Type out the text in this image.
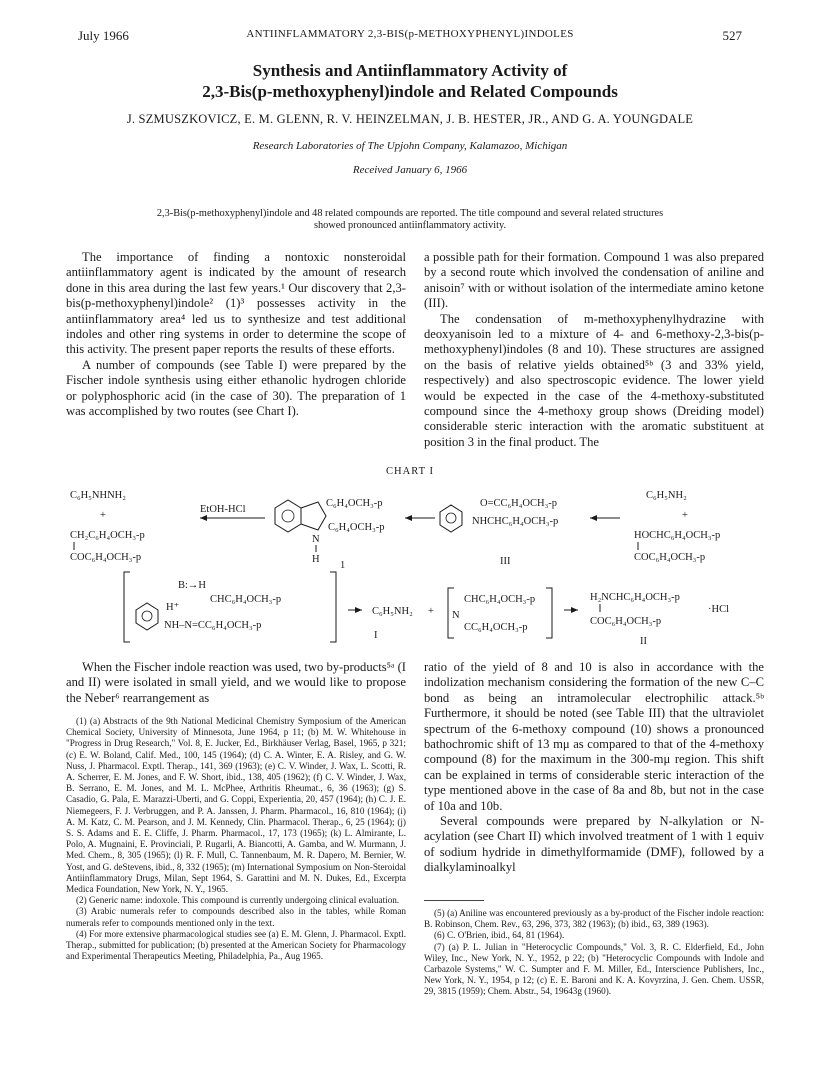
July 1966	ANTIINFLAMMATORY 2,3-BIS(p-METHOXYPHENYL)INDOLES	527
Synthesis and Antiinflammatory Activity of
2,3-Bis(p-methoxyphenyl)indole and Related Compounds
J. SZMUSZKOVICZ, E. M. GLENN, R. V. HEINZELMAN, J. B. HESTER, JR., AND G. A. YOUNGDALE
Research Laboratories of The Upjohn Company, Kalamazoo, Michigan
Received January 6, 1966
2,3-Bis(p-methoxyphenyl)indole and 48 related compounds are reported. The title compound and several related structures showed pronounced antiinflammatory activity.

The importance of finding a nontoxic nonsteroidal antiinflammatory agent is indicated by the amount of research done in this area during the last few years.¹ Our discovery that 2,3-bis(p-methoxyphenyl)indole² (1)³ possesses activity in the antiinflammatory area⁴ led us to synthesize and test additional indoles and other ring systems in order to determine the scope of this activity. The present paper reports the results of these efforts.

A number of compounds (see Table I) were prepared by the Fischer indole synthesis using either ethanolic hydrogen chloride or polyphosphoric acid (in the case of 30). The preparation of 1 was accomplished by two routes (see Chart I).

a possible path for their formation. Compound 1 was also prepared by a second route which involved the condensation of aniline and anisoin⁷ with or without isolation of the intermediate amino ketone (III).

The condensation of m-methoxyphenylhydrazine with deoxyanisoin led to a mixture of 4- and 6-methoxy-2,3-bis(p-methoxyphenyl)indoles (8 and 10). These structures are assigned on the basis of relative yields obtained⁵ᵇ (3 and 33% yield, respectively) and also spectroscopic evidence. The lower yield would be expected in the case of the 4-methoxy-substituted compound since the 4-methoxy group shows (Dreiding model) considerable steric interaction with the aromatic substituent at position 3 in the final product. The

CHART I
C₆H₅NHNH₂
+
CH₂C₆H₄OCH₃-p
COC₆H₄OCH₃-p
EtOH-HCl
C₆H₄OCH₃-p
C₆H₄OCH₃-p
N
H
1
O=CC₆H₄OCH₃-p
NHCHC₆H₄OCH₃-p
III
C₆H₅NH₂
+
HOCHC₆H₄OCH₃-p
COC₆H₄OCH₃-p
B:→H
H⁺
CHC₆H₄OCH₃-p
NH–N=CC₆H₄OCH₃-p
C₆H₅NH₂ +
I
CHC₆H₄OCH₃-p
N
CC₆H₄OCH₃-p
H₂NCHC₆H₄OCH₃-p
·HCl
COC₆H₄OCH₃-p
II

When the Fischer indole reaction was used, two by-products⁵ᵃ (I and II) were isolated in small yield, and we would like to propose the Neber⁶ rearrangement as

ratio of the yield of 8 and 10 is also in accordance with the indolization mechanism considering the formation of the new C–C bond as being an intramolecular electrophilic attack.⁵ᵇ Furthermore, it should be noted (see Table III) that the ultraviolet spectrum of the 6-methoxy compound (10) shows a pronounced bathochromic shift of 13 mμ as compared to that of the 4-methoxy compound (8) for the maximum in the 300-mμ region. This shift can be explained in terms of considerable steric interaction of the type mentioned above in the case of 8a and 8b, but not in the case of 10a and 10b.

Several compounds were prepared by N-alkylation or N-acylation (see Chart II) which involved treatment of 1 with 1 equiv of sodium hydride in dimethylformamide (DMF), followed by a dialkylaminoalkyl

(1) (a) Abstracts of the 9th National Medicinal Chemistry Symposium of the American Chemical Society, University of Minnesota, June 1964, p 11; (b) M. W. Whitehouse in "Progress in Drug Research," Vol. 8, E. Jucker, Ed., Birkhäuser Verlag, Basel, 1965, p 321; (c) E. W. Boland, Calif. Med., 100, 145 (1964); (d) C. A. Winter, E. A. Risley, and G. W. Nuss, J. Pharmacol. Exptl. Therap., 141, 369 (1963); (e) C. V. Winder, J. Wax, L. Scotti, R. A. Scherrer, E. M. Jones, and F. W. Short, ibid., 138, 405 (1962); (f) C. V. Winder, J. Wax, B. Serrano, E. M. Jones, and M. L. McPhee, Arthritis Rheumat., 6, 36 (1963); (g) S. Casadio, G. Pala, E. Marazzi-Uberti, and G. Coppi, Experientia, 20, 457 (1964); (h) C. J. E. Niemegeers, F. J. Verbruggen, and P. A. Janssen, J. Pharm. Pharmacol., 16, 810 (1964); (i) A. M. Katz, C. M. Pearson, and J. M. Kennedy, Clin. Pharmacol. Therap., 6, 25 (1964); (j) S. S. Adams and E. E. Cliffe, J. Pharm. Pharmacol., 17, 173 (1965); (k) L. Almirante, L. Polo, A. Mugnaini, E. Provinciali, P. Rugarli, A. Biancotti, A. Gamba, and W. Murmann, J. Med. Chem., 8, 305 (1965); (l) R. F. Mull, C. Tannenbaum, M. R. Dapero, M. Bernier, W. Yost, and G. deStevens, ibid., 8, 332 (1965); (m) International Symposium on Non-Steroidal Antiinflammatory Drugs, Milan, Sept 1964, S. Garattini and M. N. Dukes, Ed., Excerpta Medica Foundation, New York, N. Y., 1965.

(2) Generic name: indoxole. This compound is currently undergoing clinical evaluation.

(3) Arabic numerals refer to compounds described also in the tables, while Roman numerals refer to compounds mentioned only in the text.

(4) For more extensive pharmacological studies see (a) E. M. Glenn, J. Pharmacol. Exptl. Therap., submitted for publication; (b) presented at the American Society for Pharmacology and Experimental Therapeutics Meeting, Philadelphia, Pa., Aug 1965.

(5) (a) Aniline was encountered previously as a by-product of the Fischer indole reaction: B. Robinson, Chem. Rev., 63, 296, 373, 382 (1963); (b) ibid., 63, 389 (1963).

(6) C. O'Brien, ibid., 64, 81 (1964).

(7) (a) P. L. Julian in "Heterocyclic Compounds," Vol. 3, R. C. Elderfield, Ed., John Wiley, Inc., New York, N. Y., 1952, p 22; (b) "Heterocyclic Compounds with Indole and Carbazole Systems," W. C. Sumpter and F. M. Miller, Ed., Interscience Publishers, Inc., New York, N. Y., 1954, p 12; (c) E. E. Baroni and K. A. Kovyrzina, J. Gen. Chem. USSR, 29, 3815 (1959); Chem. Abstr., 54, 19643g (1960).
